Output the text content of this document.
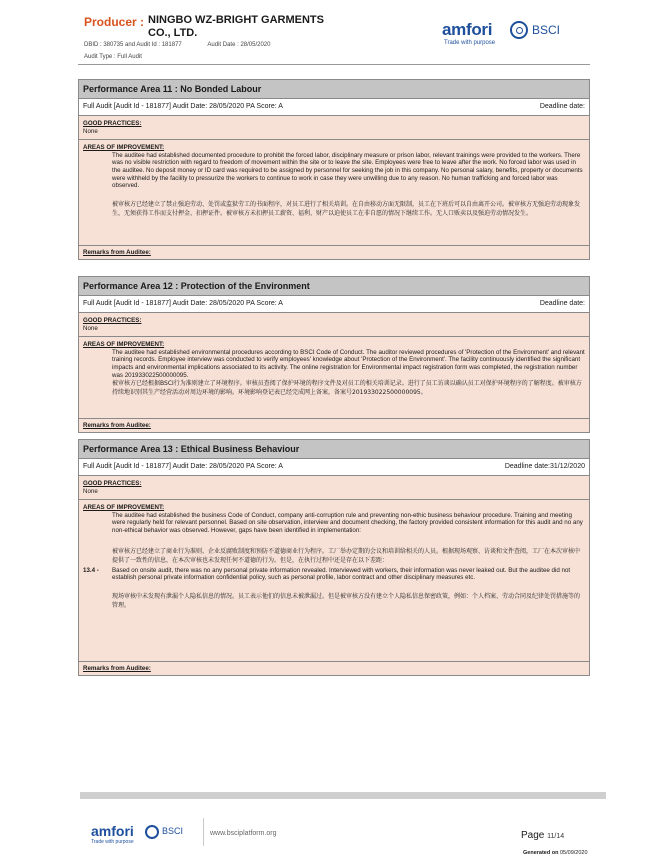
Producer : NINGBO WZ-BRIGHT GARMENTS CO., LTD.
DBID : 380735 and Audit Id : 181877	Audit Date : 28/05/2020
Audit Type : Full Audit
amfori	BSCI
Trade with purpose
Performance Area 11 : No Bonded Labour
Full Audit [Audit Id - 181877] Audit Date: 28/05/2020 PA Score: A	Deadline date:
GOOD PRACTICES:
None
AREAS OF IMPROVEMENT:
The auditee had established documented procedure to prohibit the forced labor, disciplinary measure or prison labor, relevant trainings were provided to the workers. There was no visible restriction with regard to freedom of movement within the site or to leave the site. Employees were free to leave after the work. No forced labor was used in the auditee. No deposit money or ID card was required to be assigned by personnel for seeking the job in this company. No personal salary, benefits, property or documents were withheld by the facility to pressurize the workers to continue to work in case they were unwilling due to any reason. No human trafficking and forced labor was observed.
被审核方已经建立了禁止强迫劳动、处罚或监狱劳工的书面程序，对员工进行了相关培训。在自由移动方面无限制，员工在下班后可以自由离开公司。被审核方无强迫劳动现象发生，无须获得工作而支付押金、扣押证件。被审核方未扣押员工薪资、福利、财产以迫使员工在非自愿的情况下继续工作。无人口贩卖以及强迫劳动情况发生。
Remarks from Auditee:
Performance Area 12 : Protection of the Environment
Full Audit [Audit Id - 181877] Audit Date: 28/05/2020 PA Score: A	Deadline date:
GOOD PRACTICES:
None
AREAS OF IMPROVEMENT:
The auditee had established environmental procedures according to BSCI Code of Conduct. The auditor reviewed procedures of 'Protection of the Environment' and relevant training records. Employee interview was conducted to verify employees' knowledge about 'Protection of the Environment'. The facility continuously identified the significant impacts and environmental implications associated to its activity. The online registration for Environmental impact registration form was completed, the registration number was 201933022500000095.
被审核方已经根据BSCI行为准则建立了环境程序。审核员查阅了保护环境的程序文件及对员工的相关培训记录。进行了员工访谈以确认员工对保护环境程序的了解程度。被审核方持续地识别其生产经营活动对周边环境的影响。环境影响登记表已经完成网上备案，备案号201933022500000095。
Remarks from Auditee:
Performance Area 13 : Ethical Business Behaviour
Full Audit [Audit Id - 181877] Audit Date: 28/05/2020 PA Score: A	Deadline date:31/12/2020
GOOD PRACTICES:
None
AREAS OF IMPROVEMENT:
The auditee had established the business Code of Conduct, company anti-corruption rule and preventing non-ethic business behaviour procedure. Training and meeting were regularly held for relevant personnel. Based on site observation, interview and document checking, the factory provided consistent information for this audit and no any non-ethical behavior was observed. However, gaps have been identified in implementation:
被审核方已经建立了商业行为准则、企业反腐败制度和预防不道德商业行为程序。工厂举办定期的会议和培训给相关的人员。根据现场观察、访谈和文件查阅，工厂在本次审核中提供了一致性的信息，在本次审核也未发现任何不道德的行为。但是，在执行过程中还是存在以下差距：
13.4 -	Based on onsite audit, there was no any personal private information revealed. Interviewed with workers, their information was never leaked out. But the auditee did not establish personal private information confidential policy, such as personal profile, labor contract and other disciplinary measures etc.
现场审核中未发现有泄漏个人隐私信息的情况。员工表示他们的信息未被泄漏过。但是被审核方没有建立个人隐私信息保密政策，例如：个人档案、劳动合同及纪律处罚措施等的管理。
Remarks from Auditee:
amfori	BSCI
Trade with purpose
www.bsciplatform.org	Page 11/14
Generated on 05/09/2020
